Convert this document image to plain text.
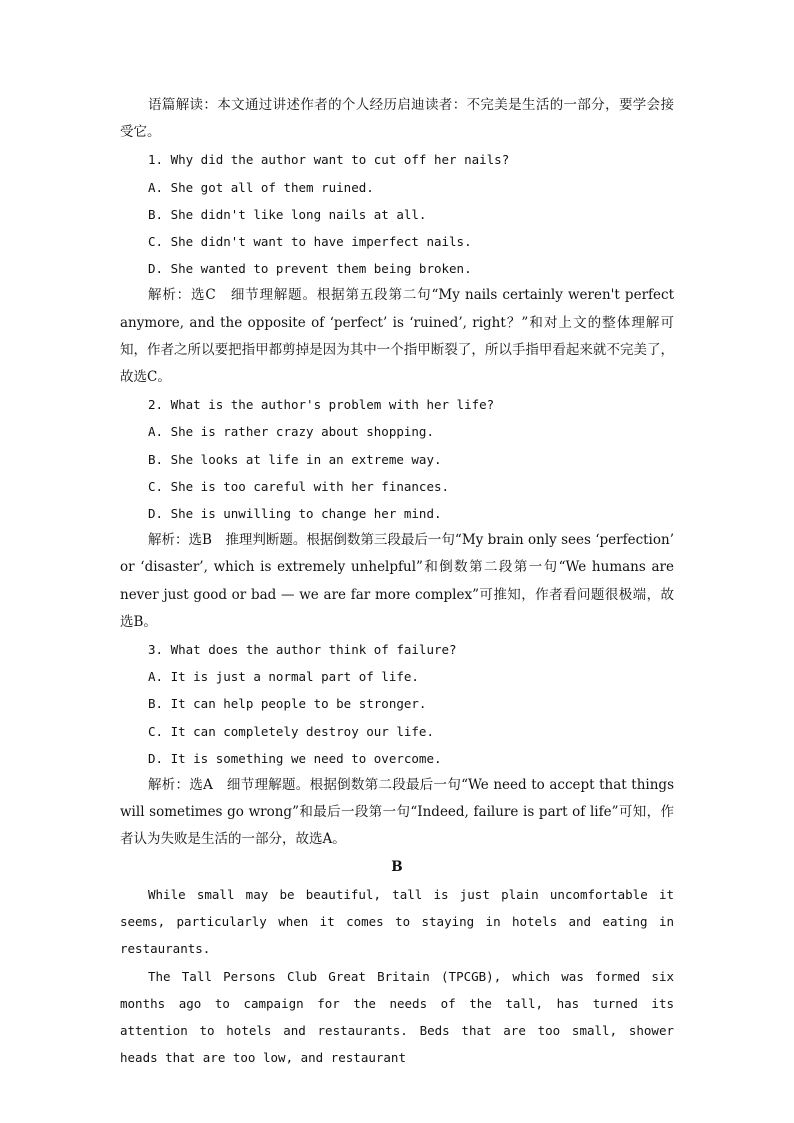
语篇解读：本文通过讲述作者的个人经历启迪读者：不完美是生活的一部分，要学会接受它。

1. Why did the author want to cut off her nails?

A. She got all of them ruined.

B. She didn't like long nails at all.

C. She didn't want to have imperfect nails.

D. She wanted to prevent them being broken.

解析：选C　细节理解题。根据第五段第二句“My nails certainly weren't perfect anymore, and the opposite of ‘perfect’ is ‘ruined’, right？”和对上文的整体理解可知，作者之所以要把指甲都剪掉是因为其中一个指甲断裂了，所以手指甲看起来就不完美了，故选C。

2. What is the author's problem with her life?

A. She is rather crazy about shopping.

B. She looks at life in an extreme way.

C. She is too careful with her finances.

D. She is unwilling to change her mind.

解析：选B　推理判断题。根据倒数第三段最后一句“My brain only sees ‘perfection’ or ‘disaster’, which is extremely unhelpful”和倒数第二段第一句“We humans are never just good or bad — we are far more complex”可推知，作者看问题很极端，故选B。

3. What does the author think of failure?

A. It is just a normal part of life.

B. It can help people to be stronger.

C. It can completely destroy our life.

D. It is something we need to overcome.

解析：选A　细节理解题。根据倒数第二段最后一句“We need to accept that things will sometimes go wrong”和最后一段第一句“Indeed, failure is part of life”可知，作者认为失败是生活的一部分，故选A。

B

While small may be beautiful, tall is just plain uncomfortable it seems, particularly when it comes to staying in hotels and eating in restaurants.

The Tall Persons Club Great Britain (TPCGB), which was formed six months ago to campaign for the needs of the tall, has turned its attention to hotels and restaurants. Beds that are too small, shower heads that are too low, and restaurant
